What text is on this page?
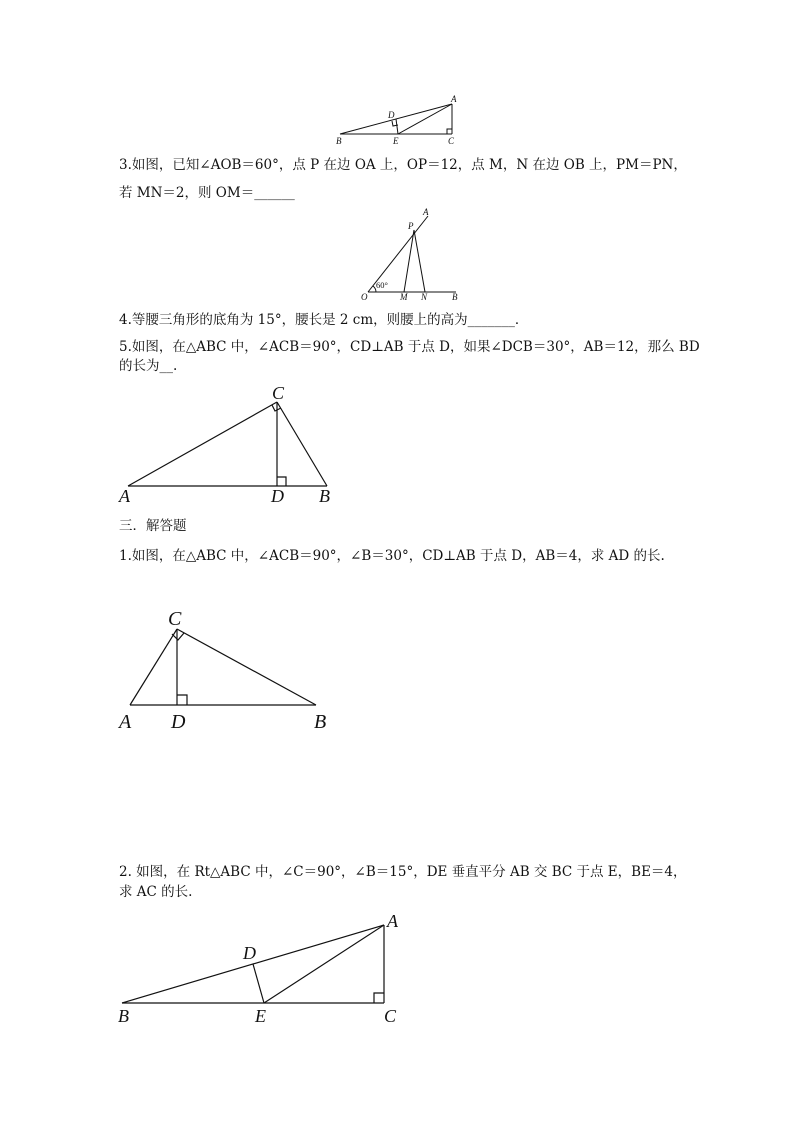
A
D
B	E	C
3.如图，已知∠AOB＝60°，点 P 在边 OA 上，OP＝12，点 M，N 在边 OB 上，PM＝PN，
若 MN＝2，则 OM＝______
A
P
60°
O	M N	B
4.等腰三角形的底角为 15°，腰长是 2 cm，则腰上的高为_______．
5.如图，在△ABC 中，∠ACB＝90°，CD⊥AB 于点 D，如果∠DCB＝30°，AB＝12，那么 BD
的长为__.
C
A	D B
三．解答题
1.如图，在△ABC 中，∠ACB＝90°，∠B＝30°，CD⊥AB 于点 D，AB＝4，求 AD 的长.
C
A D	B
2. 如图，在 Rt△ABC 中，∠C＝90°，∠B＝15°，DE 垂直平分 AB 交 BC 于点 E，BE＝4，
求 AC 的长.
A
D
B	E	C
